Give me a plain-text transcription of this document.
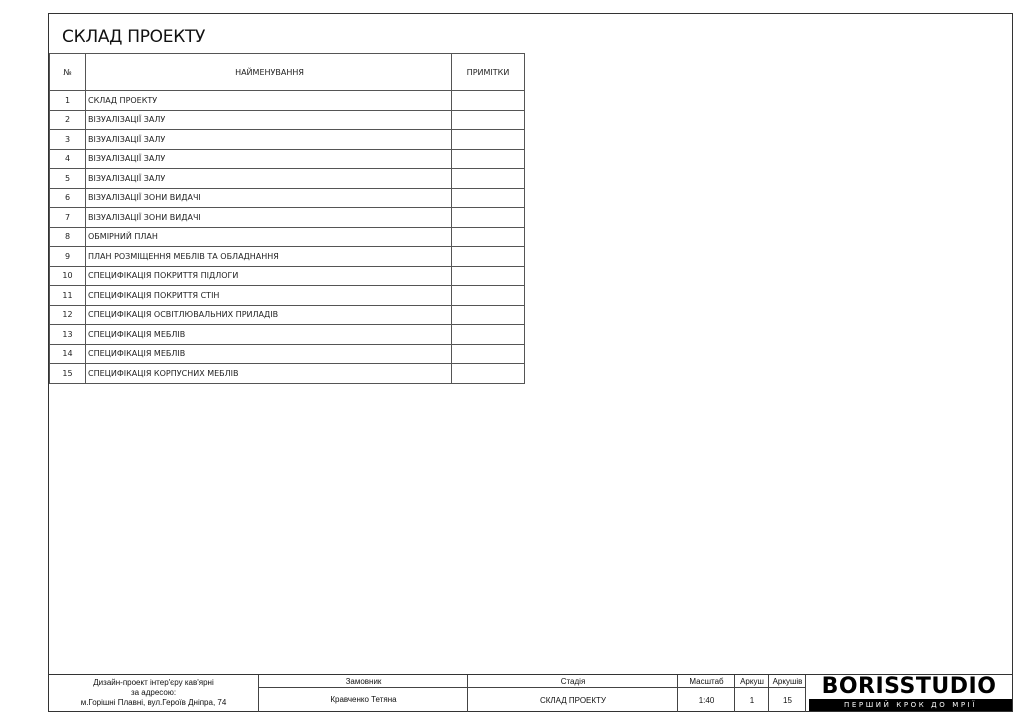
СКЛАД ПРОЕКТУ
№	НАЙМЕНУВАННЯ	ПРИМІТКИ
1	СКЛАД ПРОЕКТУ	
2	ВІЗУАЛІЗАЦІЇ ЗАЛУ	
3	ВІЗУАЛІЗАЦІЇ ЗАЛУ	
4	ВІЗУАЛІЗАЦІЇ ЗАЛУ	
5	ВІЗУАЛІЗАЦІЇ ЗАЛУ	
6	ВІЗУАЛІЗАЦІЇ ЗОНИ ВИДАЧІ	
7	ВІЗУАЛІЗАЦІЇ ЗОНИ ВИДАЧІ	
8	ОБМІРНИЙ ПЛАН	
9	ПЛАН РОЗМІЩЕННЯ МЕБЛІВ ТА ОБЛАДНАННЯ	
10	СПЕЦИФІКАЦІЯ ПОКРИТТЯ ПІДЛОГИ	
11	СПЕЦИФІКАЦІЯ ПОКРИТТЯ СТІН	
12	СПЕЦИФІКАЦІЯ ОСВІТЛЮВАЛЬНИХ ПРИЛАДІВ	
13	СПЕЦИФІКАЦІЯ МЕБЛІВ	
14	СПЕЦИФІКАЦІЯ МЕБЛІВ	
15	СПЕЦИФІКАЦІЯ КОРПУСНИХ МЕБЛІВ	
Дизайн-проект інтер'єру кав'ярні
за адресою:
м.Горішні Плавні, вул.Героїв Дніпра, 74
Замовник
Кравченко Тетяна
Стадія
СКЛАД ПРОЕКТУ
Масштаб
1:40
Аркуш
1
Аркушів
15
BORISSTUDIO
ПЕРШИЙ КРОК ДО МРІЇ
